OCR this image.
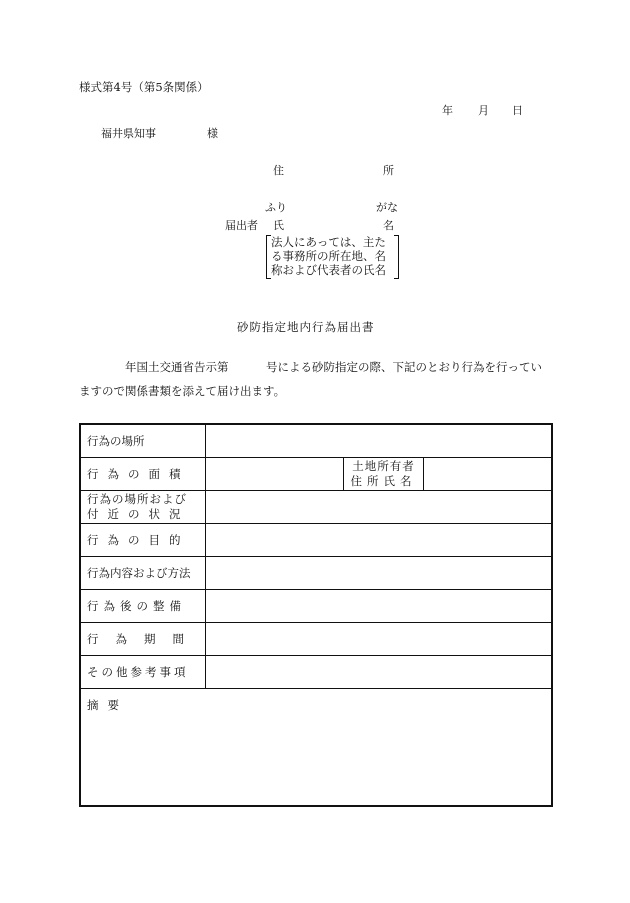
様式第4号（第5条関係）
年 月 日
福井県知事	様
住	所
ふり	がな
届出者 氏	名
法人にあっては、主た
る事務所の所在地、名
称および代表者の氏名
砂防指定地内行為届出書
年国土交通省告示第	号による砂防指定の際、下記のとおり行為を行ってい
ますので関係書類を添えて届け出ます。
行為の場所			

行為の面積		土地所有者
住所氏名	

行為の場所および
付近の状況			

行為の目的			

行為内容および方法			

行為後の整備			

行為期間			

その他参考事項			

摘要			
